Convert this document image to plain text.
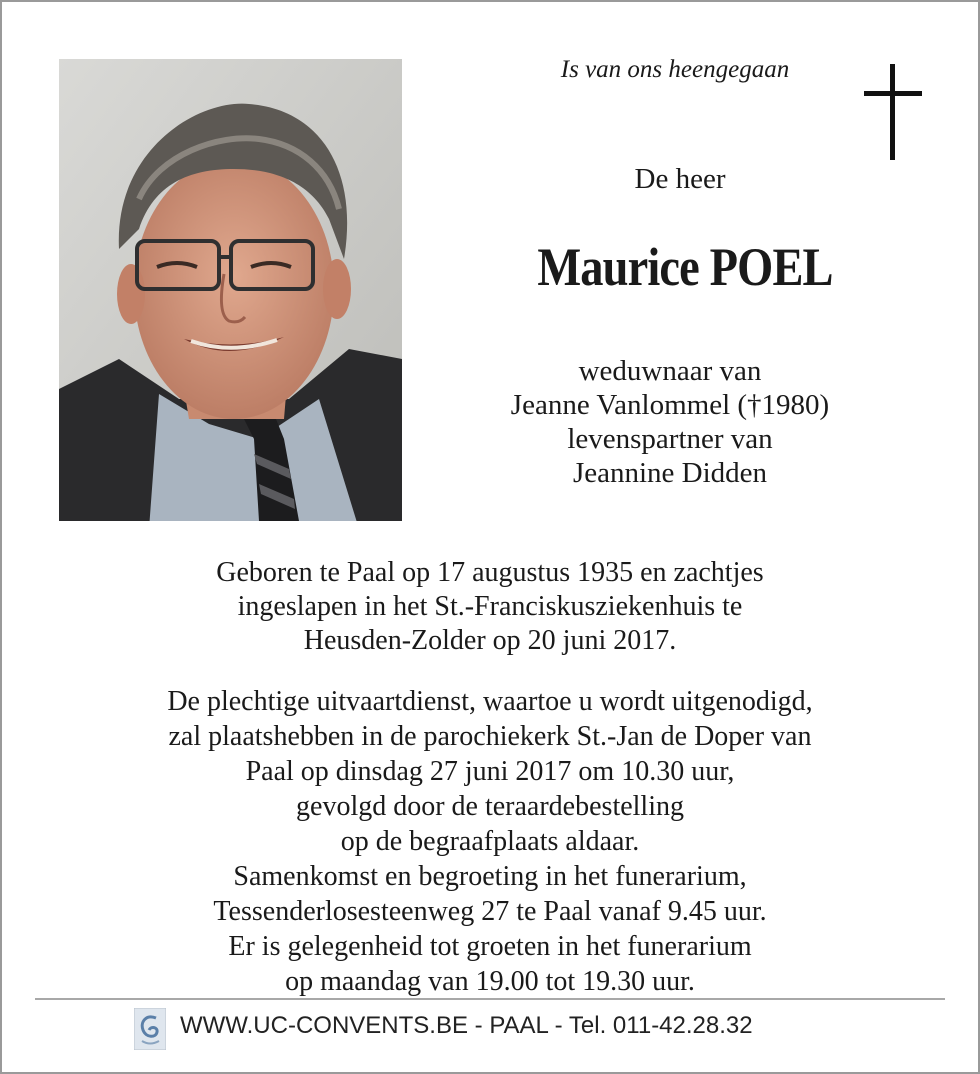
Is van ons heengegaan
De heer
Maurice POEL
weduwnaar van
Jeanne Vanlommel (†1980)
levenspartner van
Jeannine Didden
Geboren te Paal op 17 augustus 1935 en zachtjes
ingeslapen in het St.-Franciskusziekenhuis te
Heusden-Zolder op 20 juni 2017.
De plechtige uitvaartdienst, waartoe u wordt uitgenodigd,
zal plaatshebben in de parochiekerk St.-Jan de Doper van
Paal op dinsdag 27 juni 2017 om 10.30 uur,
gevolgd door de teraardebestelling
op de begraafplaats aldaar.
Samenkomst en begroeting in het funerarium,
Tessenderlosesteenweg 27 te Paal vanaf 9.45 uur.
Er is gelegenheid tot groeten in het funerarium
op maandag van 19.00 tot 19.30 uur.
WWW.UC-CONVENTS.BE - PAAL - Tel. 011-42.28.32
